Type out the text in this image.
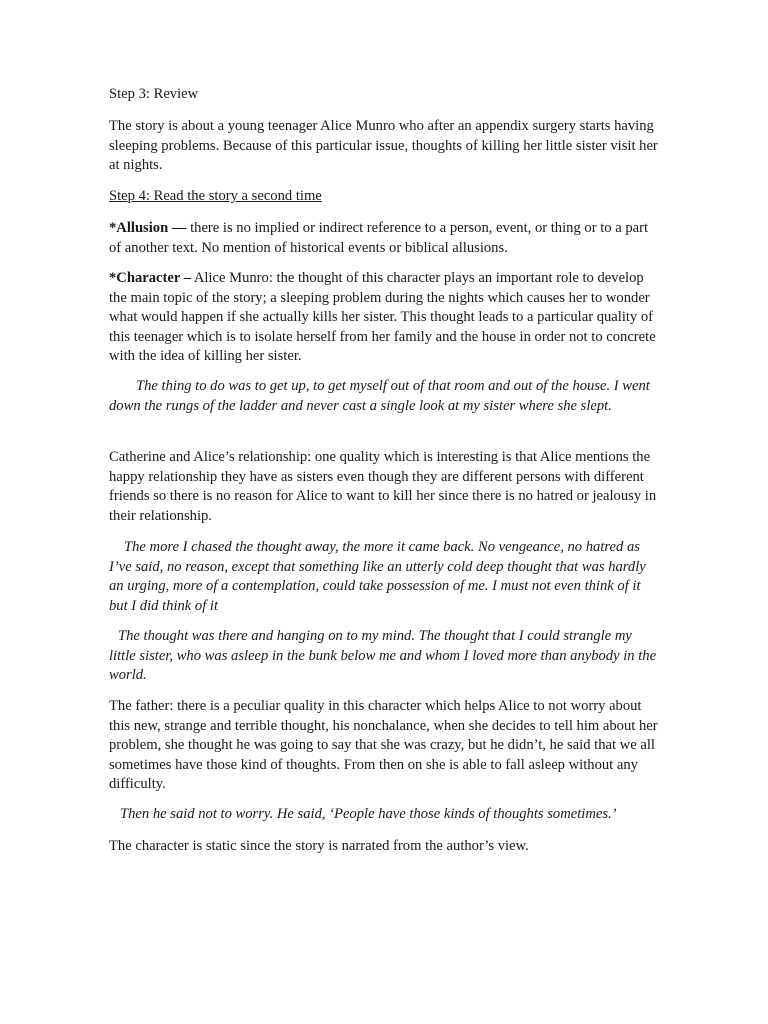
Step 3: Review

The story is about a young teenager Alice Munro who after an appendix surgery starts having sleeping problems. Because of this particular issue, thoughts of killing her little sister visit her at nights.

Step 4: Read the story a second time

*Allusion — there is no implied or indirect reference to a person, event, or thing or to a part of another text. No mention of historical events or biblical allusions.

*Character – Alice Munro: the thought of this character plays an important role to develop the main topic of the story; a sleeping problem during the nights which causes her to wonder what would happen if she actually kills her sister. This thought leads to a particular quality of this teenager which is to isolate herself from her family and the house in order not to concrete with the idea of killing her sister.

The thing to do was to get up, to get myself out of that room and out of the house. I went down the rungs of the ladder and never cast a single look at my sister where she slept.

Catherine and Alice’s relationship: one quality which is interesting is that Alice mentions the happy relationship they have as sisters even though they are different persons with different friends so there is no reason for Alice to want to kill her since there is no hatred or jealousy in their relationship.

The more I chased the thought away, the more it came back. No vengeance, no hatred as I’ve said, no reason, except that something like an utterly cold deep thought that was hardly an urging, more of a contemplation, could take possession of me. I must not even think of it but I did think of it

The thought was there and hanging on to my mind. The thought that I could strangle my little sister, who was asleep in the bunk below me and whom I loved more than anybody in the world.

The father: there is a peculiar quality in this character which helps Alice to not worry about this new, strange and terrible thought, his nonchalance, when she decides to tell him about her problem, she thought he was going to say that she was crazy, but he didn’t, he said that we all sometimes have those kind of thoughts. From then on she is able to fall asleep without any difficulty.

Then he said not to worry. He said, ‘People have those kinds of thoughts sometimes.’

The character is static since the story is narrated from the author’s view.
